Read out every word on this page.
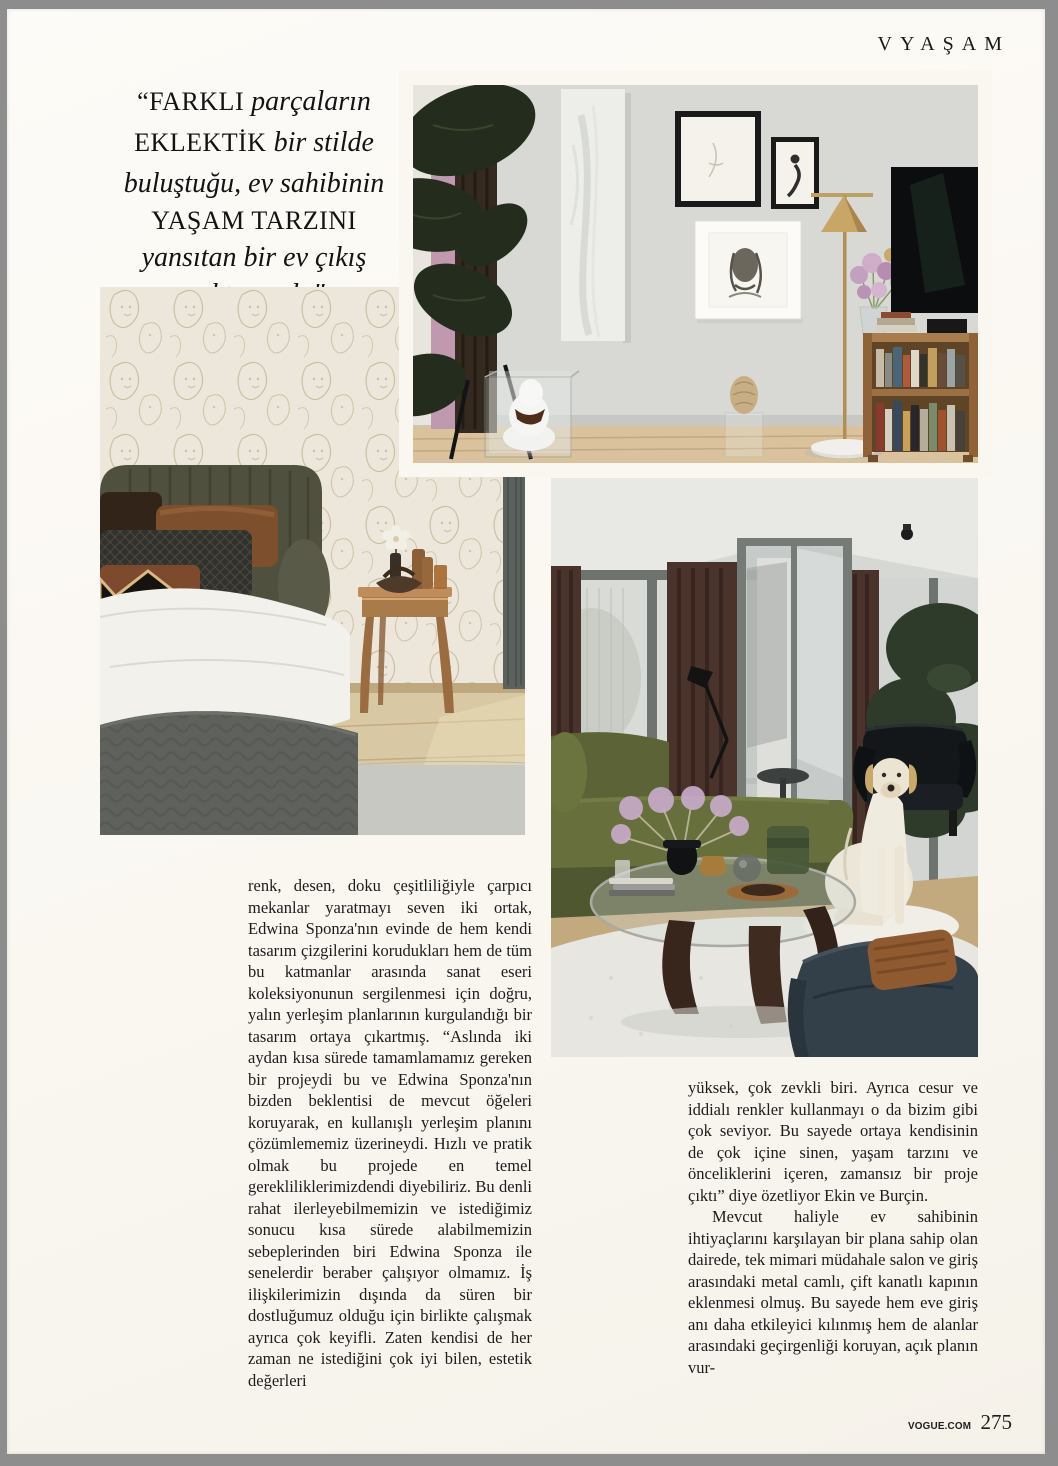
VYAŞAM
“FARKLI parçaların
EKLEKTİK bir stilde
buluştuğu, ev sahibinin
YAŞAM TARZINI
yansıtan bir ev çıkış

renk, desen, doku çeşitliliğiyle çarpıcı mekanlar yaratmayı seven iki ortak, Edwina Sponza'nın evinde de hem kendi tasarım çizgilerini korudukları hem de tüm bu katmanlar arasında sanat eseri koleksiyonunun sergilenmesi için doğru, yalın yerleşim planlarının kurgulandığı bir tasarım ortaya çıkartmış. “Aslında iki aydan kısa sürede tamamlamamız gereken bir projeydi bu ve Edwina Sponza'nın bizden beklentisi de mevcut öğeleri koruyarak, en kullanışlı yerleşim planını çözümlememiz üzerineydi. Hızlı ve pratik olmak bu projede en temel gerekliliklerimizdendi diyebiliriz. Bu denli rahat ilerleyebilmemizin ve istediğimiz sonucu kısa sürede alabilmemizin sebeplerinden biri Edwina Sponza ile senelerdir beraber çalışıyor olmamız. İş ilişkilerimizin dışında da süren bir dostluğumuz olduğu için birlikte çalışmak ayrıca çok keyifli. Zaten kendisi de her zaman ne istediğini çok iyi bilen, estetik değerleri

yüksek, çok zevkli biri. Ayrıca cesur ve iddialı renkler kullanmayı o da bizim gibi çok seviyor. Bu sayede ortaya kendisinin de çok içine sinen, yaşam tarzını ve önceliklerini içeren, zamansız bir proje çıktı” diye özetliyor Ekin ve Burçin.

Mevcut haliyle ev sahibinin ihtiyaçlarını karşılayan bir plana sahip olan dairede, tek mimari müdahale salon ve giriş arasındaki metal camlı, çift kanatlı kapının eklenmesi olmuş. Bu sayede hem eve giriş anı daha etkileyici kılınmış hem de alanlar arasındaki geçirgenliği koruyan, açık planın vur-

VOGUE.COM 275
